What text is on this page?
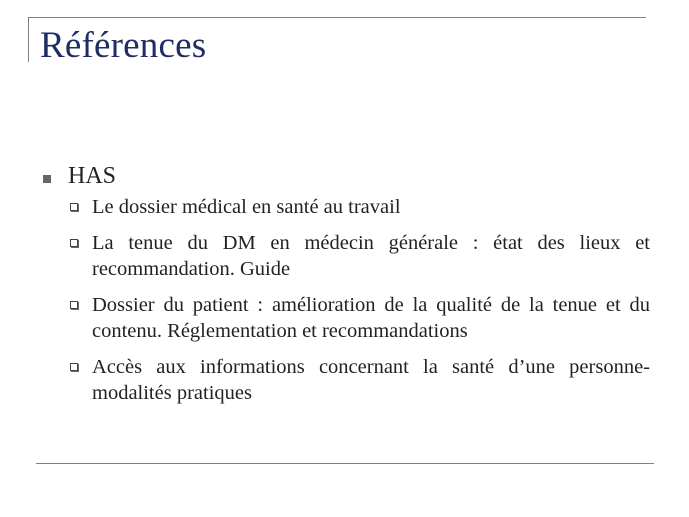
Références
HAS
Le dossier médical en santé au travail
La tenue du DM en médecin générale : état des lieux et recommandation. Guide
Dossier du patient : amélioration de la qualité de la tenue et du contenu. Réglementation et recommandations
Accès aux informations concernant la santé d’une personne- modalités pratiques
